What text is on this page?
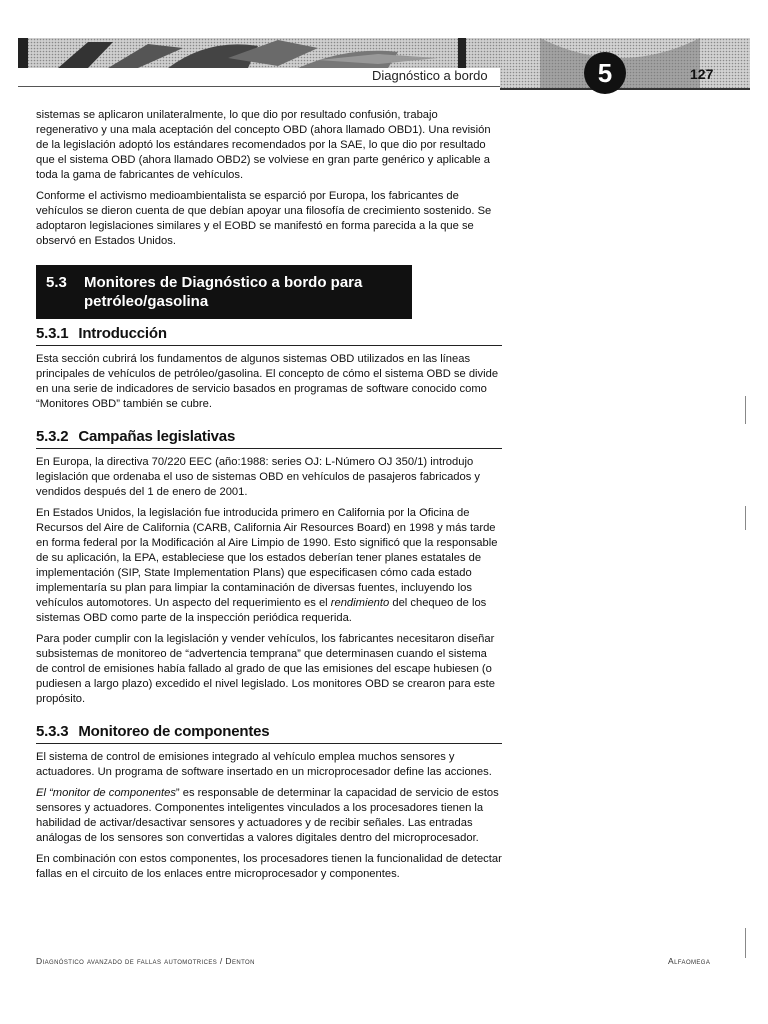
Diagnóstico a bordo	5	127

sistemas se aplicaron unilateralmente, lo que dio por resultado confusión, trabajo regenerativo y una mala aceptación del concepto OBD (ahora llamado OBD1). Una revisión de la legislación adoptó los estándares recomendados por la SAE, lo que dio por resultado que el sistema OBD (ahora llamado OBD2) se volviese en gran parte genérico y aplicable a toda la gama de fabricantes de vehículos.

Conforme el activismo medioambientalista se esparció por Europa, los fabricantes de vehículos se dieron cuenta de que debían apoyar una filosofía de crecimiento sostenido. Se adoptaron legislaciones similares y el EOBD se manifestó en forma parecida a la que se observó en Estados Unidos.

5.3	Monitores de Diagnóstico a bordo para petróleo/gasolina
5.3.1 Introducción

Esta sección cubrirá los fundamentos de algunos sistemas OBD utilizados en las líneas principales de vehículos de petróleo/gasolina. El concepto de cómo el sistema OBD se divide en una serie de indicadores de servicio basados en programas de software conocido como “Monitores OBD” también se cubre.

5.3.2 Campañas legislativas

En Europa, la directiva 70/220 EEC (año:1988: series OJ: L-Número OJ 350/1) introdujo legislación que ordenaba el uso de sistemas OBD en vehículos de pasajeros fabricados y vendidos después del 1 de enero de 2001.

En Estados Unidos, la legislación fue introducida primero en California por la Oficina de Recursos del Aire de California (CARB, California Air Resources Board) en 1998 y más tarde en forma federal por la Modificación al Aire Limpio de 1990. Esto significó que la responsable de su aplicación, la EPA, estableciese que los estados deberían tener planes estatales de implementación (SIP, State Implementation Plans) que especificasen cómo cada estado implementaría su plan para limpiar la contaminación de diversas fuentes, incluyendo los vehículos automotores. Un aspecto del requerimiento es el rendimiento del chequeo de los sistemas OBD como parte de la inspección periódica requerida.

Para poder cumplir con la legislación y vender vehículos, los fabricantes necesitaron diseñar subsistemas de monitoreo de “advertencia temprana” que determinasen cuando el sistema de control de emisiones había fallado al grado de que las emisiones del escape hubiesen (o pudiesen a largo plazo) excedido el nivel legislado. Los monitores OBD se crearon para este propósito.

5.3.3 Monitoreo de componentes

El sistema de control de emisiones integrado al vehículo emplea muchos sensores y actuadores. Un programa de software insertado en un microprocesador define las acciones.

El “monitor de componentes” es responsable de determinar la capacidad de servicio de estos sensores y actuadores. Componentes inteligentes vinculados a los procesadores tienen la habilidad de activar/desactivar sensores y actuadores y de recibir señales. Las entradas análogas de los sensores son convertidas a valores digitales dentro del microprocesador.

En combinación con estos componentes, los procesadores tienen la funcionalidad de detectar fallas en el circuito de los enlaces entre microprocesador y componentes.

Diagnóstico avanzado de fallas automotrices / Denton	Alfaomega
